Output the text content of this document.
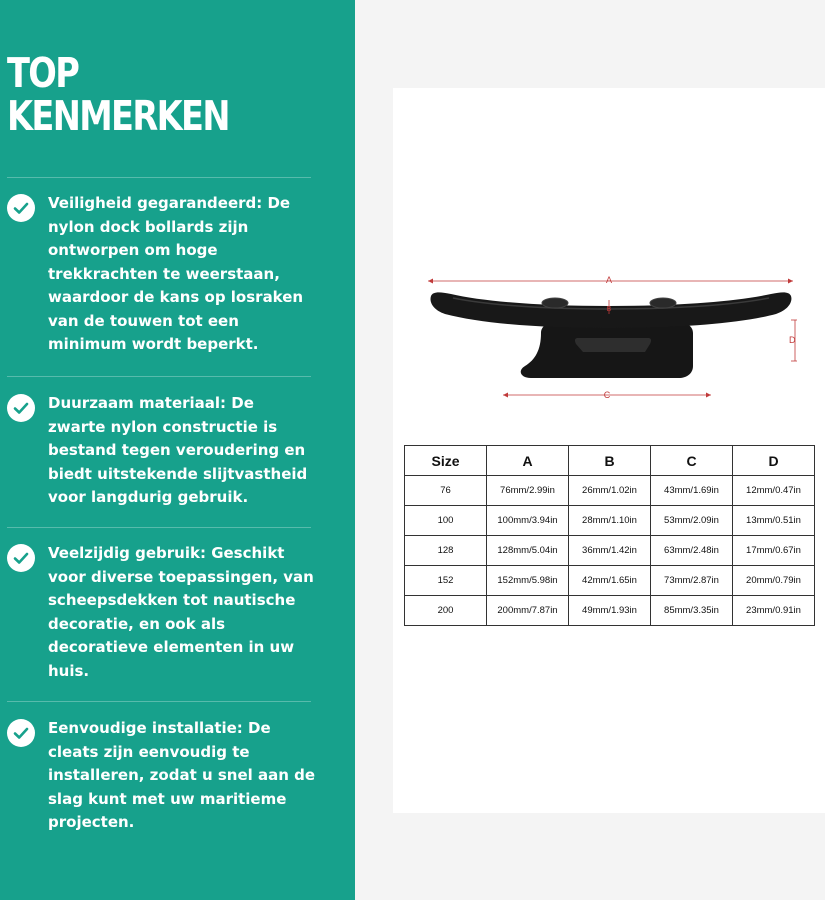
TOP
KENMERKEN

Veiligheid gegarandeerd: De nylon dock bollards zijn ontworpen om hoge trekkrachten te weerstaan, waardoor de kans op losraken van de touwen tot een minimum wordt beperkt.

Duurzaam materiaal: De zwarte nylon constructie is bestand tegen veroudering en biedt uitstekende slijtvastheid voor langdurig gebruik.

Veelzijdig gebruik: Geschikt voor diverse toepassingen, van scheepsdekken tot nautische decoratie, en ook als decoratieve elementen in uw huis.

Eenvoudige installatie: De cleats zijn eenvoudig te installeren, zodat u snel aan de slag kunt met uw maritieme projecten.

A
B
D
C
Size	A	B	C	D
76	76mm/2.99in	26mm/1.02in	43mm/1.69in	12mm/0.47in
100	100mm/3.94in	28mm/1.10in	53mm/2.09in	13mm/0.51in
128	128mm/5.04in	36mm/1.42in	63mm/2.48in	17mm/0.67in
152	152mm/5.98in	42mm/1.65in	73mm/2.87in	20mm/0.79in
200	200mm/7.87in	49mm/1.93in	85mm/3.35in	23mm/0.91in
